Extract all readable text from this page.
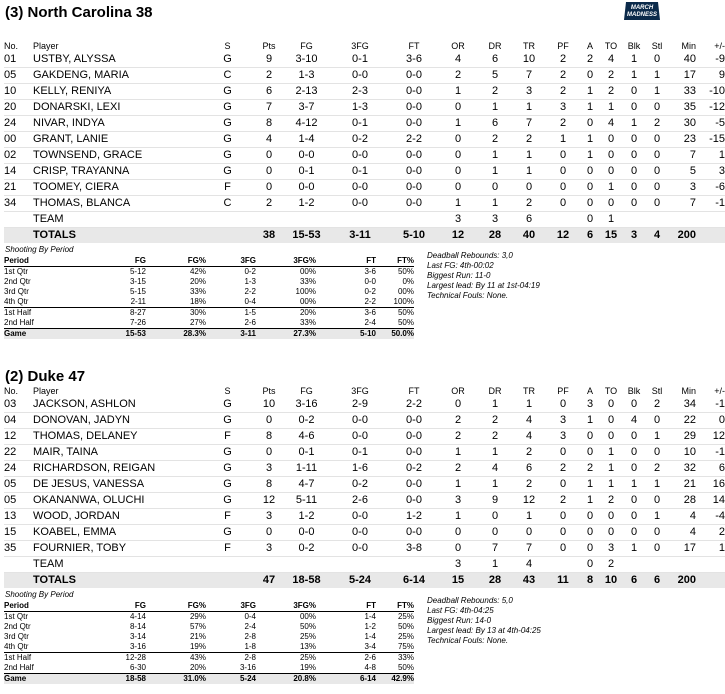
MARCH
MADNESS
(3) North Carolina 38
No.	Player	S	Pts	FG	3FG	FT	OR	DR	TR	PF	A	TO	Blk	Stl	Min	+/-
01	USTBY, ALYSSA	G	9	3-10	0-1	3-6	4	6	10	2	2	4	1	0	40	-9
05	GAKDENG, MARIA	C	2	1-3	0-0	0-0	2	5	7	2	0	2	1	1	17	9
10	KELLY, RENIYA	G	6	2-13	2-3	0-0	1	2	3	2	1	2	0	1	33	-10
20	DONARSKI, LEXI	G	7	3-7	1-3	0-0	0	1	1	3	1	1	0	0	35	-12
24	NIVAR, INDYA	G	8	4-12	0-1	0-0	1	6	7	2	0	4	1	2	30	-5
00	GRANT, LANIE	G	4	1-4	0-2	2-2	0	2	2	1	1	0	0	0	23	-15
02	TOWNSEND, GRACE	G	0	0-0	0-0	0-0	0	1	1	0	1	0	0	0	7	1
14	CRISP, TRAYANNA	G	0	0-1	0-1	0-0	0	1	1	0	0	0	0	0	5	3
21	TOOMEY, CIERA	F	0	0-0	0-0	0-0	0	0	0	0	0	1	0	0	3	-6
34	THOMAS, BLANCA	C	2	1-2	0-0	0-0	1	1	2	0	0	0	0	0	7	-1
	TEAM						3	3	6		0	1				
	TOTALS		38	15-53	3-11	5-10	12	28	40	12	6	15	3	4	200	
Shooting By Period
Period	FG	FG%	3FG	3FG%	FT	FT%
1st Qtr	5-12	42%	0-2	00%	3-6	50%
2nd Qtr	3-15	20%	1-3	33%	0-0	0%
3rd Qtr	5-15	33%	2-2	100%	0-2	00%
4th Qtr	2-11	18%	0-4	00%	2-2	100%
1st Half	8-27	30%	1-5	20%	3-6	50%
2nd Half	7-26	27%	2-6	33%	2-4	50%
Game	15-53	28.3%	3-11	27.3%	5-10	50.0%
Deadball Rebounds: 3,0
Last FG: 4th-00:02
Biggest Run: 11-0
Largest lead: By 11 at 1st-04:19
Technical Fouls: None.
(2) Duke 47
No.	Player	S	Pts	FG	3FG	FT	OR	DR	TR	PF	A	TO	Blk	Stl	Min	+/-
03	JACKSON, ASHLON	G	10	3-16	2-9	2-2	0	1	1	0	3	0	0	2	34	-1
04	DONOVAN, JADYN	G	0	0-2	0-0	0-0	2	2	4	3	1	0	4	0	22	0
12	THOMAS, DELANEY	F	8	4-6	0-0	0-0	2	2	4	3	0	0	0	1	29	12
22	MAIR, TAINA	G	0	0-1	0-1	0-0	1	1	2	0	0	1	0	0	10	-1
24	RICHARDSON, REIGAN	G	3	1-11	1-6	0-2	2	4	6	2	2	1	0	2	32	6
05	DE JESUS, VANESSA	G	8	4-7	0-2	0-0	1	1	2	0	1	1	1	1	21	16
05	OKANANWA, OLUCHI	G	12	5-11	2-6	0-0	3	9	12	2	1	2	0	0	28	14
13	WOOD, JORDAN	F	3	1-2	0-0	1-2	1	0	1	0	0	0	0	1	4	-4
15	KOABEL, EMMA	G	0	0-0	0-0	0-0	0	0	0	0	0	0	0	0	4	2
35	FOURNIER, TOBY	F	3	0-2	0-0	3-8	0	7	7	0	0	3	1	0	17	1
	TEAM						3	1	4		0	2				
	TOTALS		47	18-58	5-24	6-14	15	28	43	11	8	10	6	6	200	
Shooting By Period
Period	FG	FG%	3FG	3FG%	FT	FT%
1st Qtr	4-14	29%	0-4	00%	1-4	25%
2nd Qtr	8-14	57%	2-4	50%	1-2	50%
3rd Qtr	3-14	21%	2-8	25%	1-4	25%
4th Qtr	3-16	19%	1-8	13%	3-4	75%
1st Half	12-28	43%	2-8	25%	2-6	33%
2nd Half	6-30	20%	3-16	19%	4-8	50%
Game	18-58	31.0%	5-24	20.8%	6-14	42.9%
Deadball Rebounds: 5,0
Last FG: 4th-04:25
Biggest Run: 14-0
Largest lead: By 13 at 4th-04:25
Technical Fouls: None.
